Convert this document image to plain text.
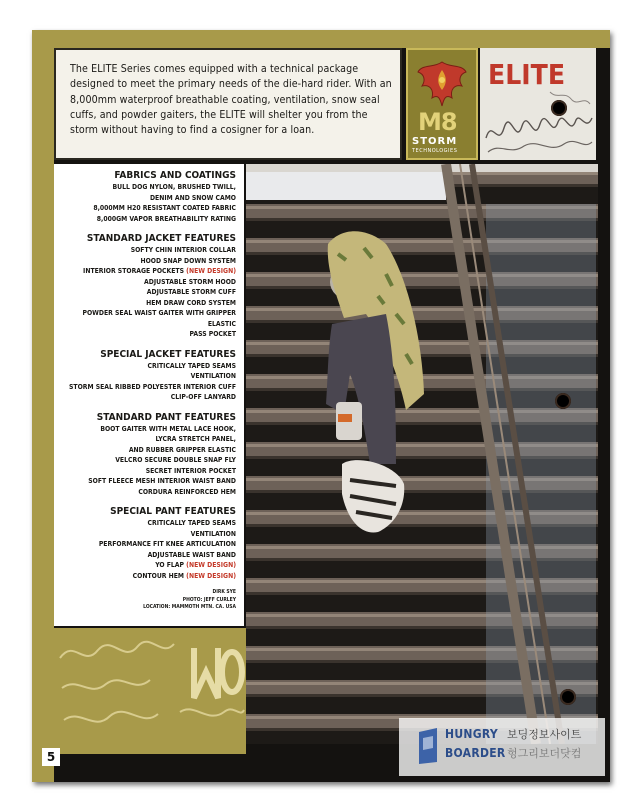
The ELITE Series comes equipped with a technical package designed to meet the primary needs of the die-hard rider. With an 8,000mm waterproof breathable coating, ventilation, snow seal cuffs, and powder gaiters, the ELITE will shelter you from the storm without having to find a cosigner for a loan.	M8
STORM
TECHNOLOGIES
ELITE
FABRICS AND COATINGS
BULL DOG NYLON, BRUSHED TWILL,
DENIM AND SNOW CAMO
8,000MM H20 RESISTANT COATED FABRIC
8,000GM VAPOR BREATHABILITY RATING
STANDARD JACKET FEATURES
SOFTY CHIN INTERIOR COLLAR
HOOD SNAP DOWN SYSTEM
INTERIOR STORAGE POCKETS (NEW DESIGN)
ADJUSTABLE STORM HOOD
ADJUSTABLE STORM CUFF
HEM DRAW CORD SYSTEM
POWDER SEAL WAIST GAITER WITH GRIPPER ELASTIC
PASS POCKET
SPECIAL JACKET FEATURES
CRITICALLY TAPED SEAMS
VENTILATION
STORM SEAL RIBBED POLYESTER INTERIOR CUFF
CLIP-OFF LANYARD
STANDARD PANT FEATURES
BOOT GAITER WITH METAL LACE HOOK,
LYCRA STRETCH PANEL,
AND RUBBER GRIPPER ELASTIC
VELCRO SECURE DOUBLE SNAP FLY
SECRET INTERIOR POCKET
SOFT FLEECE MESH INTERIOR WAIST BAND
CORDURA REINFORCED HEM
SPECIAL PANT FEATURES
CRITICALLY TAPED SEAMS
VENTILATION
PERFORMANCE FIT KNEE ARTICULATION
ADJUSTABLE WAIST BAND
YO FLAP (NEW DESIGN)
CONTOUR HEM (NEW DESIGN)
DIRK SYE
PHOTO: JEFF CURLEY
LOCATION: MAMMOTH MTN. CA. USA
5
HUNGRY
BOARDER
보딩정보사이트
헝그리보더닷컴
